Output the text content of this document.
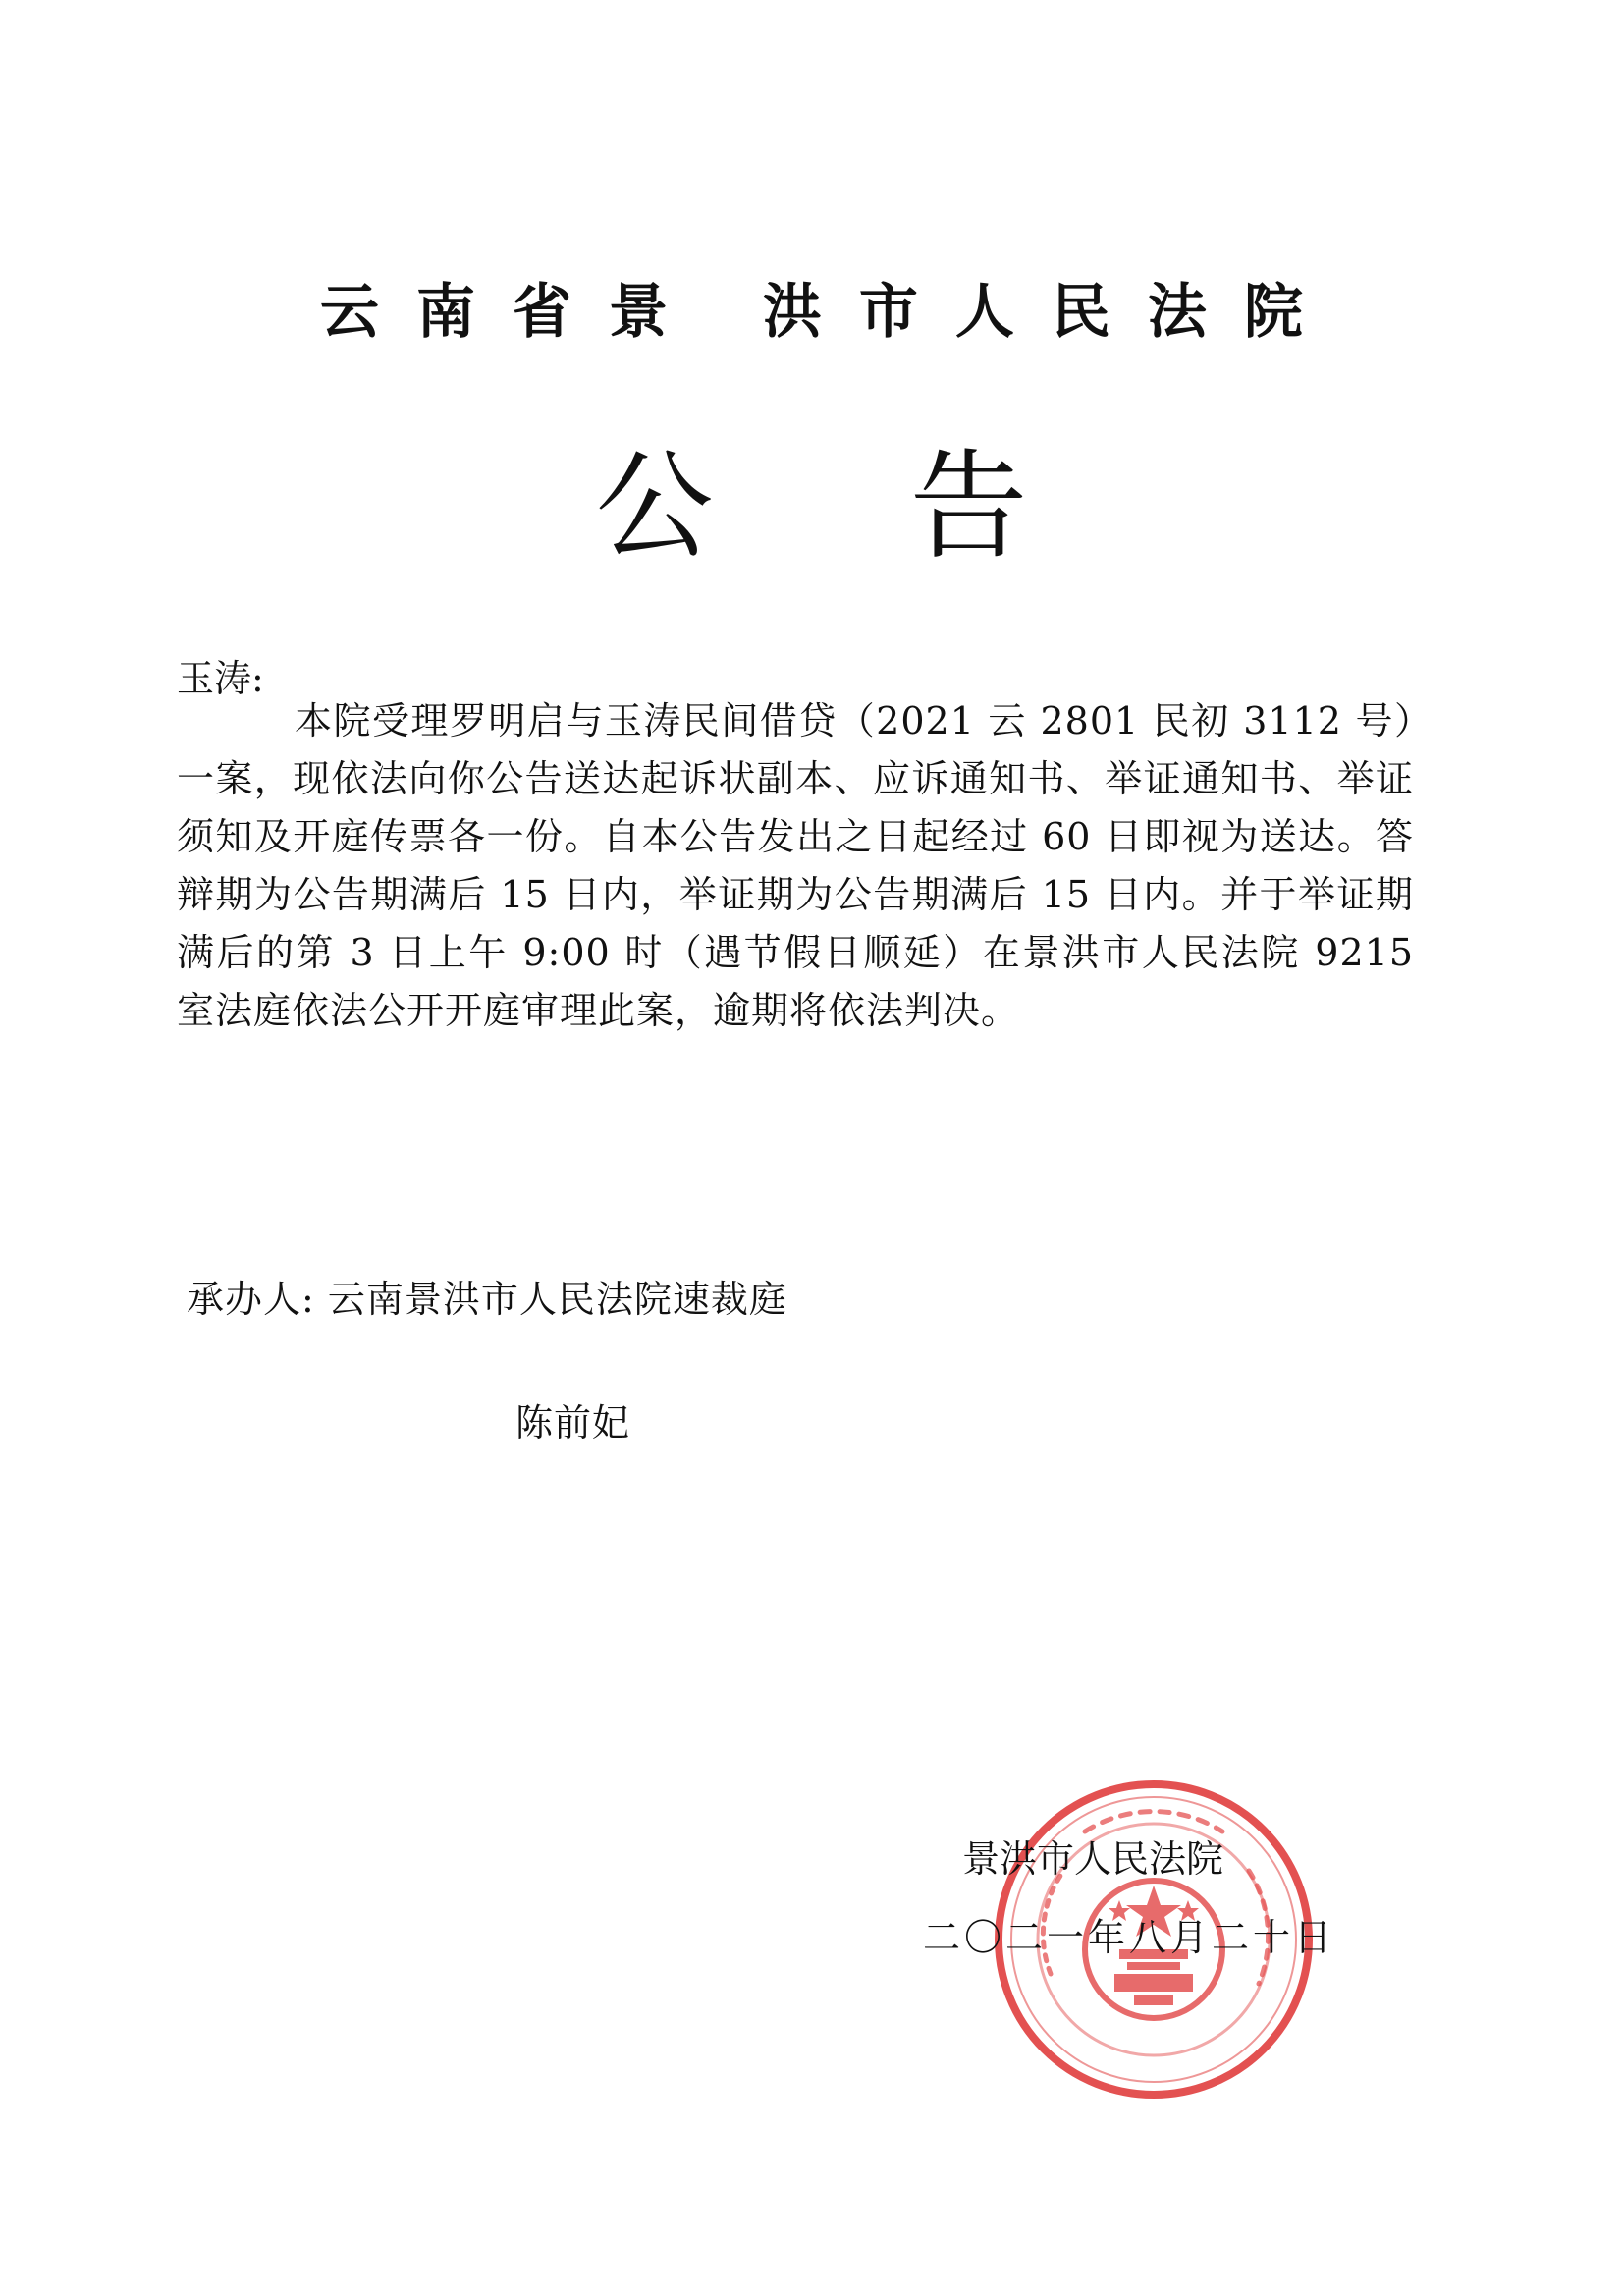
云南省景 洪市人民法院
公告
玉涛:
本院受理罗明启与玉涛民间借贷（2021 云 2801 民初 3112 号）一案，现依法向你公告送达起诉状副本、应诉通知书、举证通知书、举证须知及开庭传票各一份。自本公告发出之日起经过 60 日即视为送达。答辩期为公告期满后 15 日内，举证期为公告期满后 15 日内。并于举证期满后的第 3 日上午 9:00 时（遇节假日顺延）在景洪市人民法院 9215 室法庭依法公开开庭审理此案，逾期将依法判决。
承办人: 云南景洪市人民法院速裁庭
陈前妃
景洪市人民法院
二〇二一年八月二十日
